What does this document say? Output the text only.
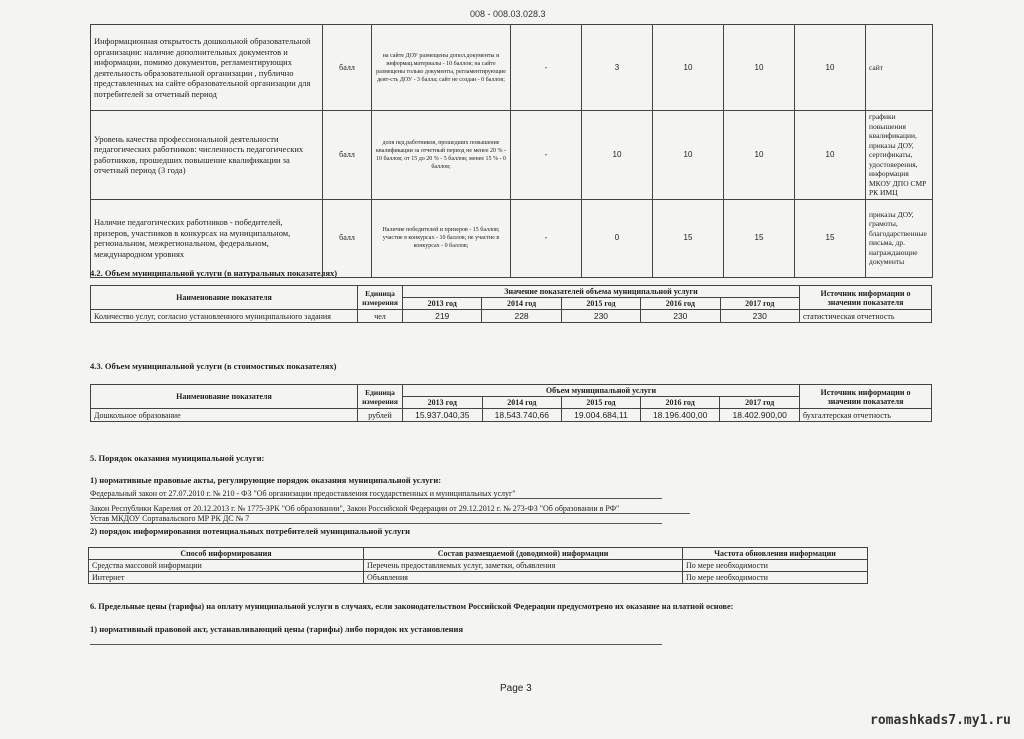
008 - 008.03.028.3
Информационная открытость дошкольной образовательной организации: наличие дополнительных документов и информации, помимо документов, регламентирующих деятельность образовательной организации , публично представленных на сайте образовательной организации для потребителей за отчетный период	балл	на сайте ДОУ размещены допол.документы и информац.материалы - 10 баллов; на сайте размещены только документы, регламентирующие деят-сть ДОУ - 3 балла; сайт не создан - 0 баллов;	-	3	10	10	10	сайт
Уровень качества профессиональной деятельности педагогических работников: численность педагогических работников, прошедших повышение квалификации за отчетный период (3 года)	балл	доля пед.работников, прошедших повышение квалификации за отчетный период не менее 20 % - 10 баллов; от 15 до 20 % - 5 баллов; менее 15 % - 0 баллов;	-	10	10	10	10	графики повышения квалификации, приказы ДОУ, сертификаты, удостоверения, информация МКОУ ДПО СМР РК ИМЦ
Наличие педагогических работников - победителей, призеров, участников в конкурсах на муниципальном, региональном, межрегиональном, федеральном, международном уровнях	балл	Наличие победителей и призеров - 15 баллов; участие в конкурсах - 10 баллов; не участие в конкурсах - 0 баллов;	-	0	15	15	15	приказы ДОУ, грамоты, благодарственные письма, др. награждающие документы
4.2. Объем муниципальной услуги (в натуральных показателях)
Наименование показателя	Единица измерения	Значение показателей объема муниципальной услуги					Источник информации о значении показателя
		2013 год	2014 год	2015 год	2016 год	2017 год	
Количество услуг, согласно установленного муниципального задания	чел	219	228	230	230	230	статистическая отчетность
4.3. Объем муниципальной услуги (в стоимостных показателях)
Наименование показателя	Единица измерения	Объем муниципальной услуги					Источник информации о значении показателя
		2013 год	2014 год	2015 год	2016 год	2017 год	
Дошкольное образование	рублей	15.937.040,35	18.543.740,66	19.004.684,11	18.196.400,00	18.402.900,00	бухгалтерская отчетность
5. Порядок оказания муниципальной услуги:
1) нормативные правовые акты, регулирующие порядок оказания муниципальной услуги:
Федеральный закон от 27.07.2010 г. № 210 - ФЗ "Об организации предоставления государственных и муниципальных услуг"
Закон Республики Карелия от 20.12.2013 г. № 1775-ЗРК "Об образовании", Закон Российской Федерации от 29.12.2012 г. № 273-ФЗ "Об образовании в РФ"
Устав МКДОУ Сортавальского МР РК ДС № 7
2) порядок информирования потенциальных потребителей муниципальной услуги
Способ информирования	Состав размещаемой (доводимой) информации	Частота обновления информации
Средства массовой информации	Перечень предоставляемых услуг, заметки, объявления	По мере необходимости
Интернет	Объявления	По мере необходимости
6. Предельные цены (тарифы) на оплату муниципальной услуги в случаях, если законодательством Российской Федерации предусмотрено их оказание на платной основе:
1) нормативный правовой акт, устанавливающий цены (тарифы) либо порядок их установления
Page 3
romashkads7.my1.ru
